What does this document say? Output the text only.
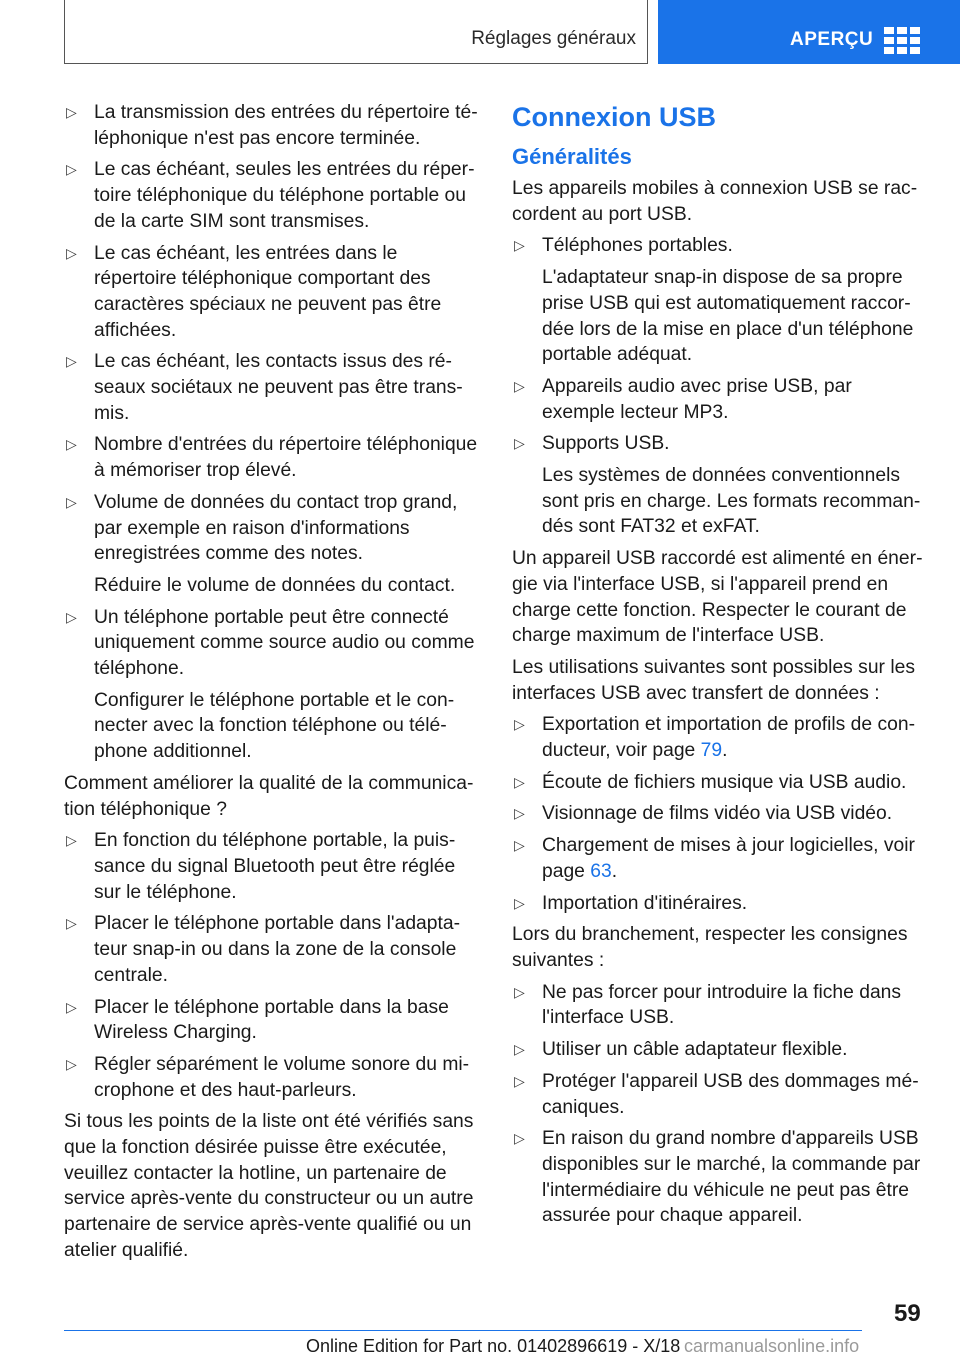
Réglages généraux	APERÇU
▷ La transmission des entrées du répertoire téléphonique n'est pas encore terminée.
▷ Le cas échéant, seules les entrées du répertoire téléphonique du téléphone portable ou de la carte SIM sont transmises.
▷ Le cas échéant, les entrées dans le répertoire téléphonique comportant des caractères spéciaux ne peuvent pas être affichées.
▷ Le cas échéant, les contacts issus des réseaux sociétaux ne peuvent pas être transmis.
▷ Nombre d'entrées du répertoire téléphonique à mémoriser trop élevé.
▷ Volume de données du contact trop grand, par exemple en raison d'informations enregistrées comme des notes.
Réduire le volume de données du contact.
▷ Un téléphone portable peut être connecté uniquement comme source audio ou comme téléphone.
Configurer le téléphone portable et le connecter avec la fonction téléphone ou téléphone additionnel.

Comment améliorer la qualité de la communication téléphonique ?

▷ En fonction du téléphone portable, la puissance du signal Bluetooth peut être réglée sur le téléphone.
▷ Placer le téléphone portable dans l'adaptateur snap-in ou dans la zone de la console centrale.
▷ Placer le téléphone portable dans la base Wireless Charging.
▷ Régler séparément le volume sonore du microphone et des haut-parleurs.

Si tous les points de la liste ont été vérifiés sans que la fonction désirée puisse être exécutée, veuillez contacter la hotline, un partenaire de service après-vente du constructeur ou un autre partenaire de service après-vente qualifié ou un atelier qualifié.

Connexion USB
Généralités

Les appareils mobiles à connexion USB se raccordent au port USB.

▷ Téléphones portables.
L'adaptateur snap-in dispose de sa propre prise USB qui est automatiquement raccordée lors de la mise en place d'un téléphone portable adéquat.
▷ Appareils audio avec prise USB, par exemple lecteur MP3.
▷ Supports USB.
Les systèmes de données conventionnels sont pris en charge. Les formats recommandés sont FAT32 et exFAT.

Un appareil USB raccordé est alimenté en énergie via l'interface USB, si l'appareil prend en charge cette fonction. Respecter le courant de charge maximum de l'interface USB.

Les utilisations suivantes sont possibles sur les interfaces USB avec transfert de données :

▷ Exportation et importation de profils de conducteur, voir page 79.
▷ Écoute de fichiers musique via USB audio.
▷ Visionnage de films vidéo via USB vidéo.
▷ Chargement de mises à jour logicielles, voir page 63.
▷ Importation d'itinéraires.

Lors du branchement, respecter les consignes suivantes :

▷ Ne pas forcer pour introduire la fiche dans l'interface USB.
▷ Utiliser un câble adaptateur flexible.
▷ Protéger l'appareil USB des dommages mécaniques.
▷ En raison du grand nombre d'appareils USB disponibles sur le marché, la commande par l'intermédiaire du véhicule ne peut pas être assurée pour chaque appareil.
59
Online Edition for Part no. 01402896619 - X/18 carmanualsonline.info
